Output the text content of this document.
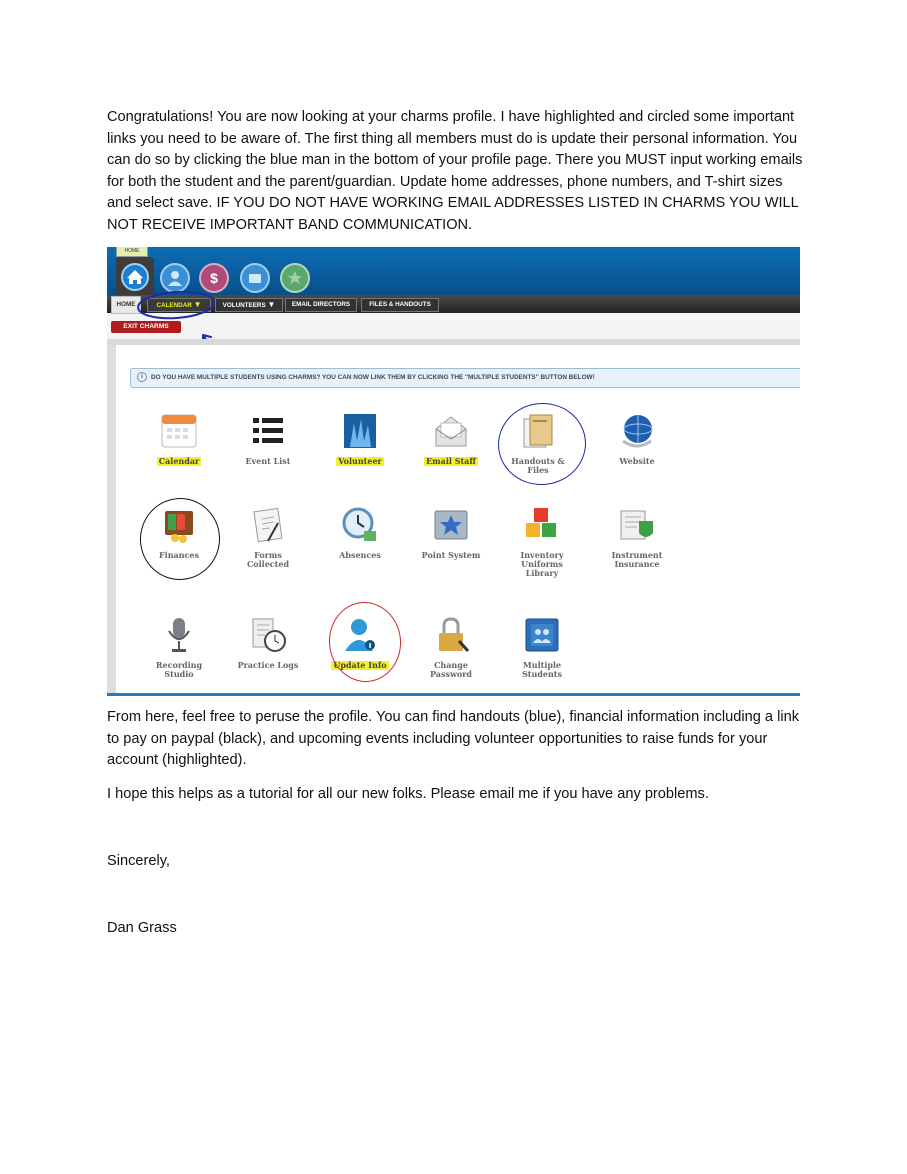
Congratulations! You are now looking at your charms profile. I have highlighted and circled some important links you need to be aware of. The first thing all members must do is update their personal information. You can do so by clicking the blue man in the bottom of your profile page. There you MUST input working emails for both the student and the parent/guardian. Update home addresses, phone numbers, and T-shirt sizes and select save. IF YOU DO NOT HAVE WORKING EMAIL ADDRESSES LISTED IN CHARMS YOU WILL NOT RECEIVE IMPORTANT BAND COMMUNICATION.

HOME
$
HOME	CALENDAR ▼	VOLUNTEERS ▼	EMAIL DIRECTORS	FILES & HANDOUTS
EXIT CHARMS
i DO YOU HAVE MULTIPLE STUDENTS USING CHARMS? YOU CAN NOW LINK THEM BY CLICKING THE "MULTIPLE STUDENTS" BUTTON BELOW!
Calendar	Event List	Volunteer	Email Staff	Handouts & Files
Website
Finances	Forms Collected
Absences	Point System	Inventory
Uniforms
Library
Instrument
Insurance
Recording
Studio
Practice Logs	Update Info	Change
Password
Multiple
Students

From here, feel free to peruse the profile. You can find handouts (blue), financial information including a link to pay on paypal (black), and upcoming events including volunteer opportunities to raise funds for your account (highlighted).

I hope this helps as a tutorial for all our new folks. Please email me if you have any problems.

Sincerely,

Dan Grass
